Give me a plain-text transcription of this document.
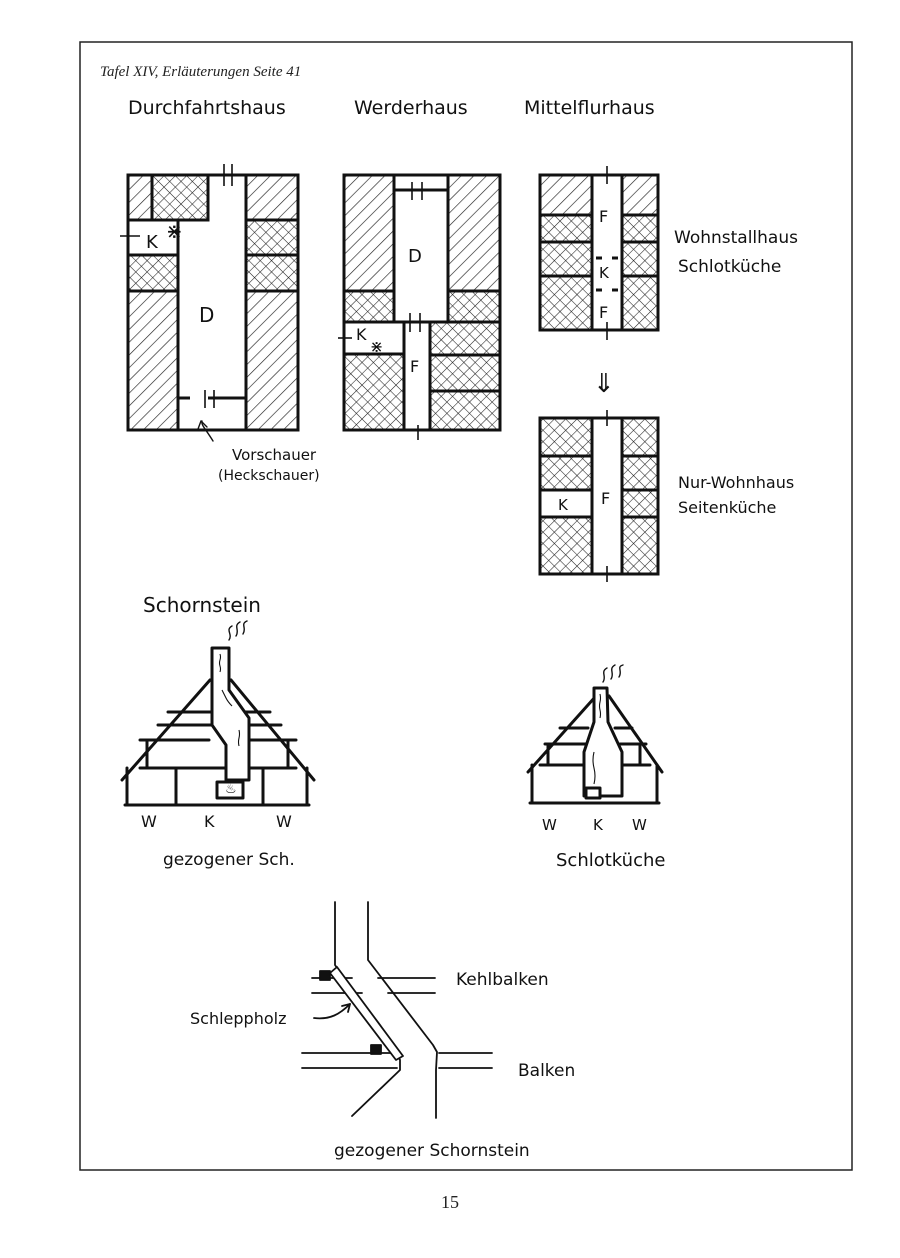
Tafel XIV, Erläuterungen Seite 41
Durchfahrtshaus	Werderhaus	Mittelflurhaus
K ⋇
D
Vorschauer
(Heckschauer)
D
K
⋇
F
F
K
F
Wohnstallhaus
Schlotküche
⇓
K F
Nur-Wohnhaus
Seitenküche
Schornstein
♨
W	K	W
gezogener Sch.
W K W
Schlotküche
Kehlbalken
Schleppholz
Balken
gezogener Schornstein
15
